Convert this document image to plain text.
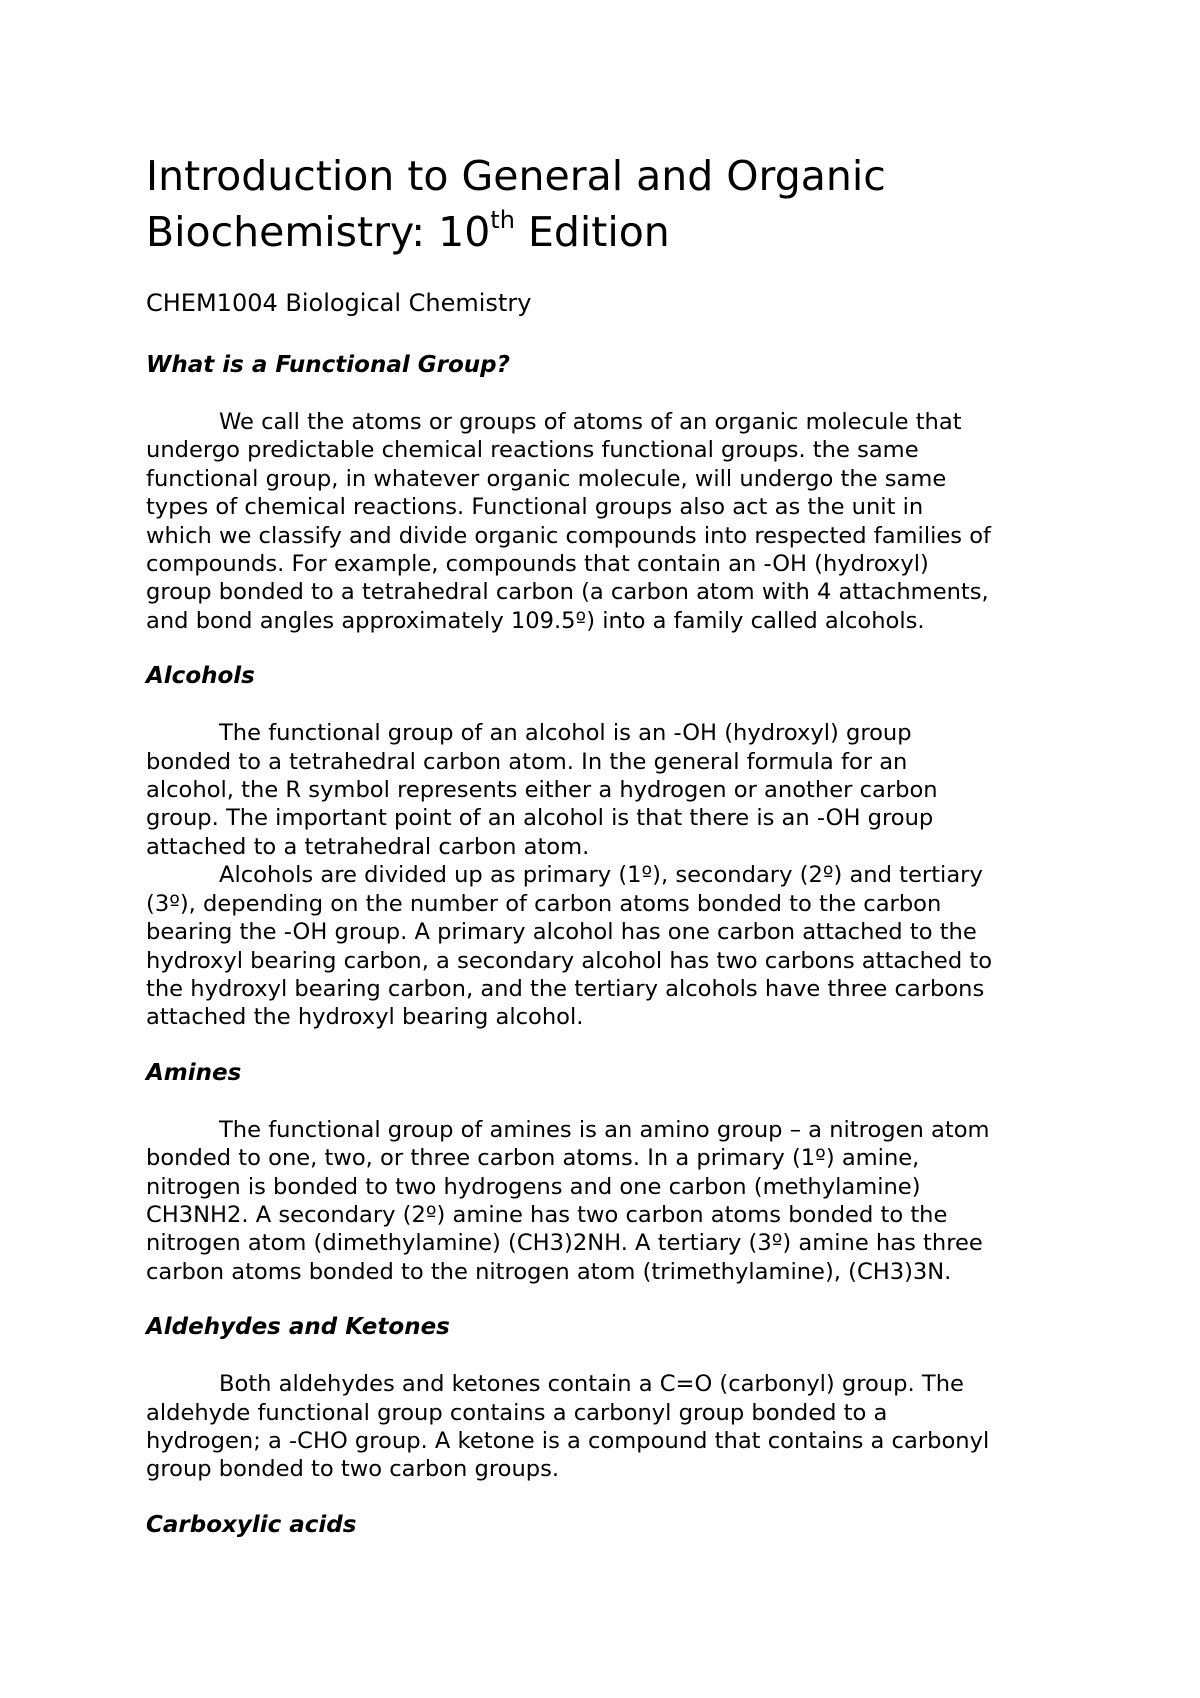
Introduction to General and Organic
Biochemistry: 10th Edition
CHEM1004 Biological Chemistry
What is a Functional Group?
We call the atoms or groups of atoms of an organic molecule that
undergo predictable chemical reactions functional groups. the same
functional group, in whatever organic molecule, will undergo the same
types of chemical reactions. Functional groups also act as the unit in
which we classify and divide organic compounds into respected families of
compounds. For example, compounds that contain an -OH (hydroxyl)
group bonded to a tetrahedral carbon (a carbon atom with 4 attachments,
and bond angles approximately 109.5º) into a family called alcohols.
Alcohols
The functional group of an alcohol is an -OH (hydroxyl) group
bonded to a tetrahedral carbon atom. In the general formula for an
alcohol, the R symbol represents either a hydrogen or another carbon
group. The important point of an alcohol is that there is an -OH group
attached to a tetrahedral carbon atom.
Alcohols are divided up as primary (1º), secondary (2º) and tertiary
(3º), depending on the number of carbon atoms bonded to the carbon
bearing the -OH group. A primary alcohol has one carbon attached to the
hydroxyl bearing carbon, a secondary alcohol has two carbons attached to
the hydroxyl bearing carbon, and the tertiary alcohols have three carbons
attached the hydroxyl bearing alcohol.
Amines
The functional group of amines is an amino group – a nitrogen atom
bonded to one, two, or three carbon atoms. In a primary (1º) amine,
nitrogen is bonded to two hydrogens and one carbon (methylamine)
CH3NH2. A secondary (2º) amine has two carbon atoms bonded to the
nitrogen atom (dimethylamine) (CH3)2NH. A tertiary (3º) amine has three
carbon atoms bonded to the nitrogen atom (trimethylamine), (CH3)3N.
Aldehydes and Ketones
Both aldehydes and ketones contain a C=O (carbonyl) group. The
aldehyde functional group contains a carbonyl group bonded to a
hydrogen; a -CHO group. A ketone is a compound that contains a carbonyl
group bonded to two carbon groups.
Carboxylic acids
